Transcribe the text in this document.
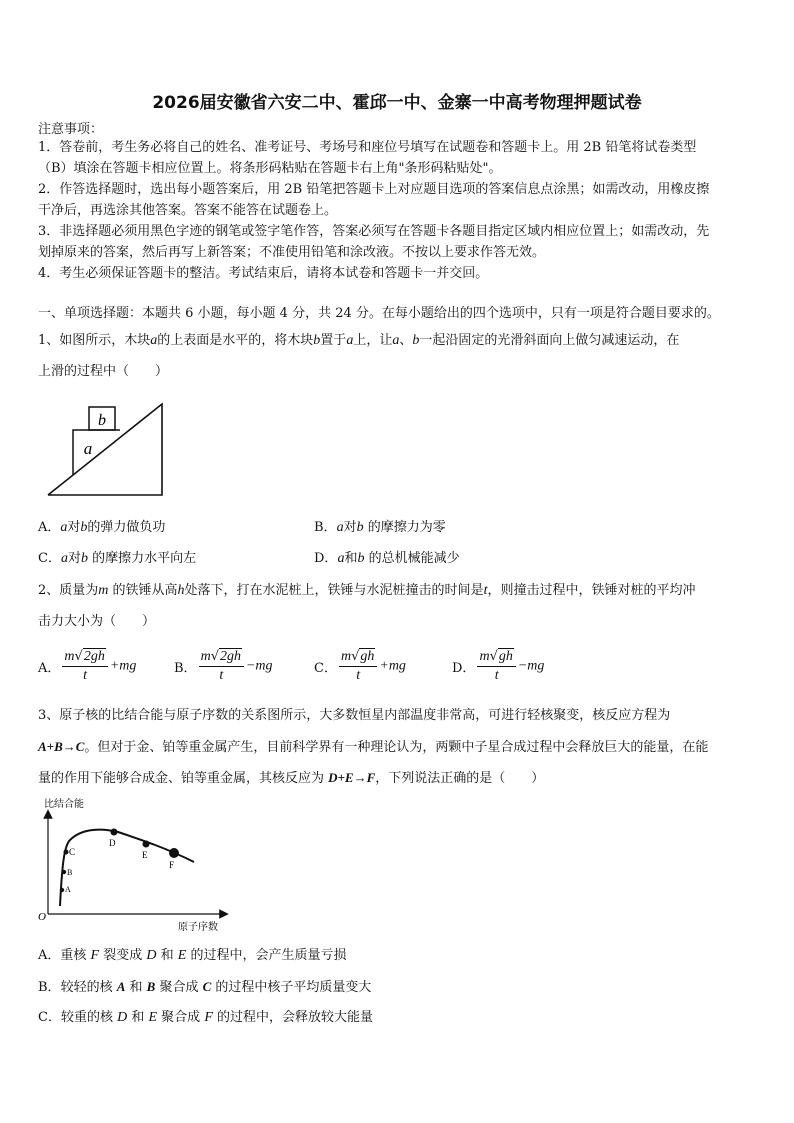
2026届安徽省六安二中、霍邱一中、金寨一中高考物理押题试卷
注意事项：
1．答卷前，考生务必将自己的姓名、准考证号、考场号和座位号填写在试题卷和答题卡上。用 2B 铅笔将试卷类型
（B）填涂在答题卡相应位置上。将条形码粘贴在答题卡右上角"条形码粘贴处"。
2．作答选择题时，选出每小题答案后，用 2B 铅笔把答题卡上对应题目选项的答案信息点涂黑；如需改动，用橡皮擦
干净后，再选涂其他答案。答案不能答在试题卷上。
3．非选择题必须用黑色字迹的钢笔或签字笔作答，答案必须写在答题卡各题目指定区域内相应位置上；如需改动，先
划掉原来的答案，然后再写上新答案；不准使用铅笔和涂改液。不按以上要求作答无效。
4．考生必须保证答题卡的整洁。考试结束后，请将本试卷和答题卡一并交回。
一、单项选择题：本题共 6 小题，每小题 4 分，共 24 分。在每小题给出的四个选项中，只有一项是符合题目要求的。
1、如图所示，木块a的上表面是水平的，将木块b置于a上，让a、b一起沿固定的光滑斜面向上做匀减速运动，在
上滑的过程中（　　）
b
a
A．a对b的弹力做负功	B．a对b 的摩擦力为零
C．a对b 的摩擦力水平向左	D．a和b 的总机械能减少
2、质量为m 的铁锤从高h处落下，打在水泥桩上，铁锤与水泥桩撞击的时间是t，则撞击过程中，铁锤对桩的平均冲
击力大小为（　　）
A． $\frac{m√2gh}{t} +mg$	B． $\frac{m√2gh}{t} -mg$	C． $\frac{m√gh}{t} +mg$	D． $\frac{m√gh}{t} -mg$
3、原子核的比结合能与原子序数的关系图所示，大多数恒星内部温度非常高，可进行轻核聚变，核反应方程为
A+B→C。但对于金、铂等重金属产生，目前科学界有一种理论认为，两颗中子星合成过程中会释放巨大的能量，在能
量的作用下能够合成金、铂等重金属，其核反应为 D+E→F，下列说法正确的是（　　）
比结合能
原子序数
O
A
B
C
D
E
F
A．重核 F 裂变成 D 和 E 的过程中，会产生质量亏损
B．较轻的核 A 和 B 聚合成 C 的过程中核子平均质量变大
C．较重的核 D 和 E 聚合成 F 的过程中，会释放较大能量
